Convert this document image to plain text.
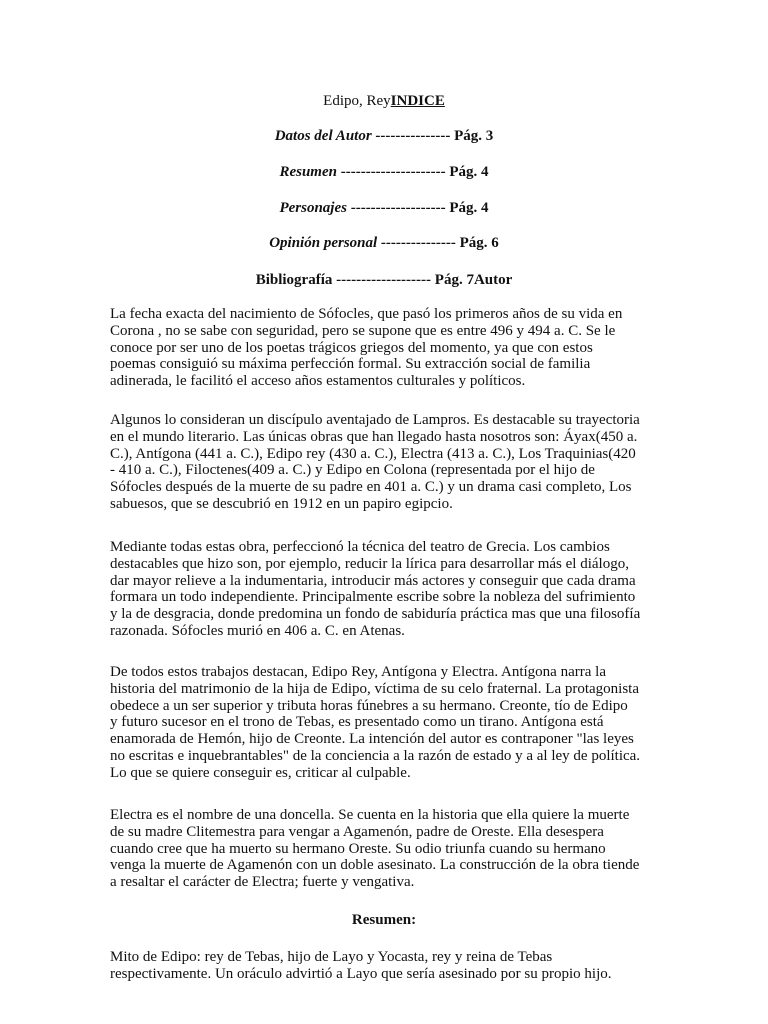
Edipo, ReyINDICE
Datos del Autor --------------- Pág. 3
Resumen --------------------- Pág. 4
Personajes ------------------- Pág. 4
Opinión personal --------------- Pág. 6
Bibliografía ------------------- Pág. 7Autor
La fecha exacta del nacimiento de Sófocles, que pasó los primeros años de su vida en
Corona , no se sabe con seguridad, pero se supone que es entre 496 y 494 a. C. Se le
conoce por ser uno de los poetas trágicos griegos del momento, ya que con estos
poemas consiguió su máxima perfección formal. Su extracción social de familia
adinerada, le facilitó el acceso años estamentos culturales y políticos.
Algunos lo consideran un discípulo aventajado de Lampros. Es destacable su trayectoria
en el mundo literario. Las únicas obras que han llegado hasta nosotros son: Áyax(450 a.
C.), Antígona (441 a. C.), Edipo rey (430 a. C.), Electra (413 a. C.), Los Traquinias(420
- 410 a. C.), Filoctenes(409 a. C.) y Edipo en Colona (representada por el hijo de
Sófocles después de la muerte de su padre en 401 a. C.) y un drama casi completo, Los
sabuesos, que se descubrió en 1912 en un papiro egipcio.
Mediante todas estas obra, perfeccionó la técnica del teatro de Grecia. Los cambios
destacables que hizo son, por ejemplo, reducir la lírica para desarrollar más el diálogo,
dar mayor relieve a la indumentaria, introducir más actores y conseguir que cada drama
formara un todo independiente. Principalmente escribe sobre la nobleza del sufrimiento
y la de desgracia, donde predomina un fondo de sabiduría práctica mas que una filosofía
razonada. Sófocles murió en 406 a. C. en Atenas.
De todos estos trabajos destacan, Edipo Rey, Antígona y Electra. Antígona narra la
historia del matrimonio de la hija de Edipo, víctima de su celo fraternal. La protagonista
obedece a un ser superior y tributa horas fúnebres a su hermano. Creonte, tío de Edipo
y futuro sucesor en el trono de Tebas, es presentado como un tirano. Antígona está
enamorada de Hemón, hijo de Creonte. La intención del autor es contraponer "las leyes
no escritas e inquebrantables" de la conciencia a la razón de estado y a al ley de política.
Lo que se quiere conseguir es, criticar al culpable.
Electra es el nombre de una doncella. Se cuenta en la historia que ella quiere la muerte
de su madre Clitemestra para vengar a Agamenón, padre de Oreste. Ella desespera
cuando cree que ha muerto su hermano Oreste. Su odio triunfa cuando su hermano
venga la muerte de Agamenón con un doble asesinato. La construcción de la obra tiende
a resaltar el carácter de Electra; fuerte y vengativa.
Resumen:
Mito de Edipo: rey de Tebas, hijo de Layo y Yocasta, rey y reina de Tebas
respectivamente. Un oráculo advirtió a Layo que sería asesinado por su propio hijo.
